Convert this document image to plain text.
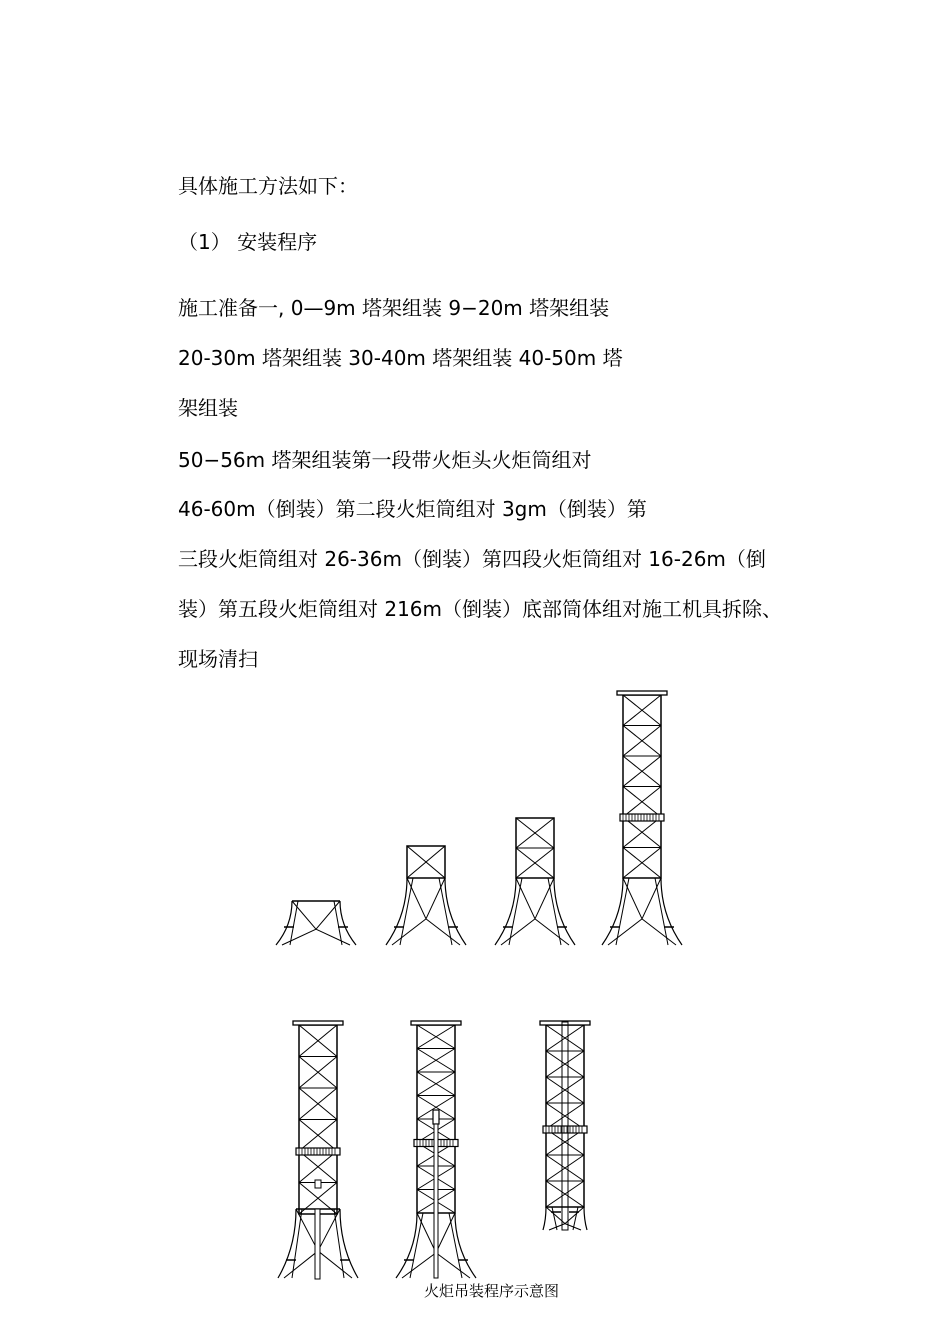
具体施工方法如下：
（1） 安装程序
施工准备一, 0—9m 塔架组装 9−20m 塔架组装
20-30m 塔架组装 30-40m 塔架组装 40-50m 塔
架组装
50−56m 塔架组装第一段带火炬头火炬筒组对
46-60m（倒装）第二段火炬筒组对 3gm（倒装）第
三段火炬筒组对 26-36m（倒装）第四段火炬筒组对 16-26m（倒
装）第五段火炬筒组对 216m（倒装）底部筒体组对施工机具拆除、
现场清扫
火炬吊装程序示意图
